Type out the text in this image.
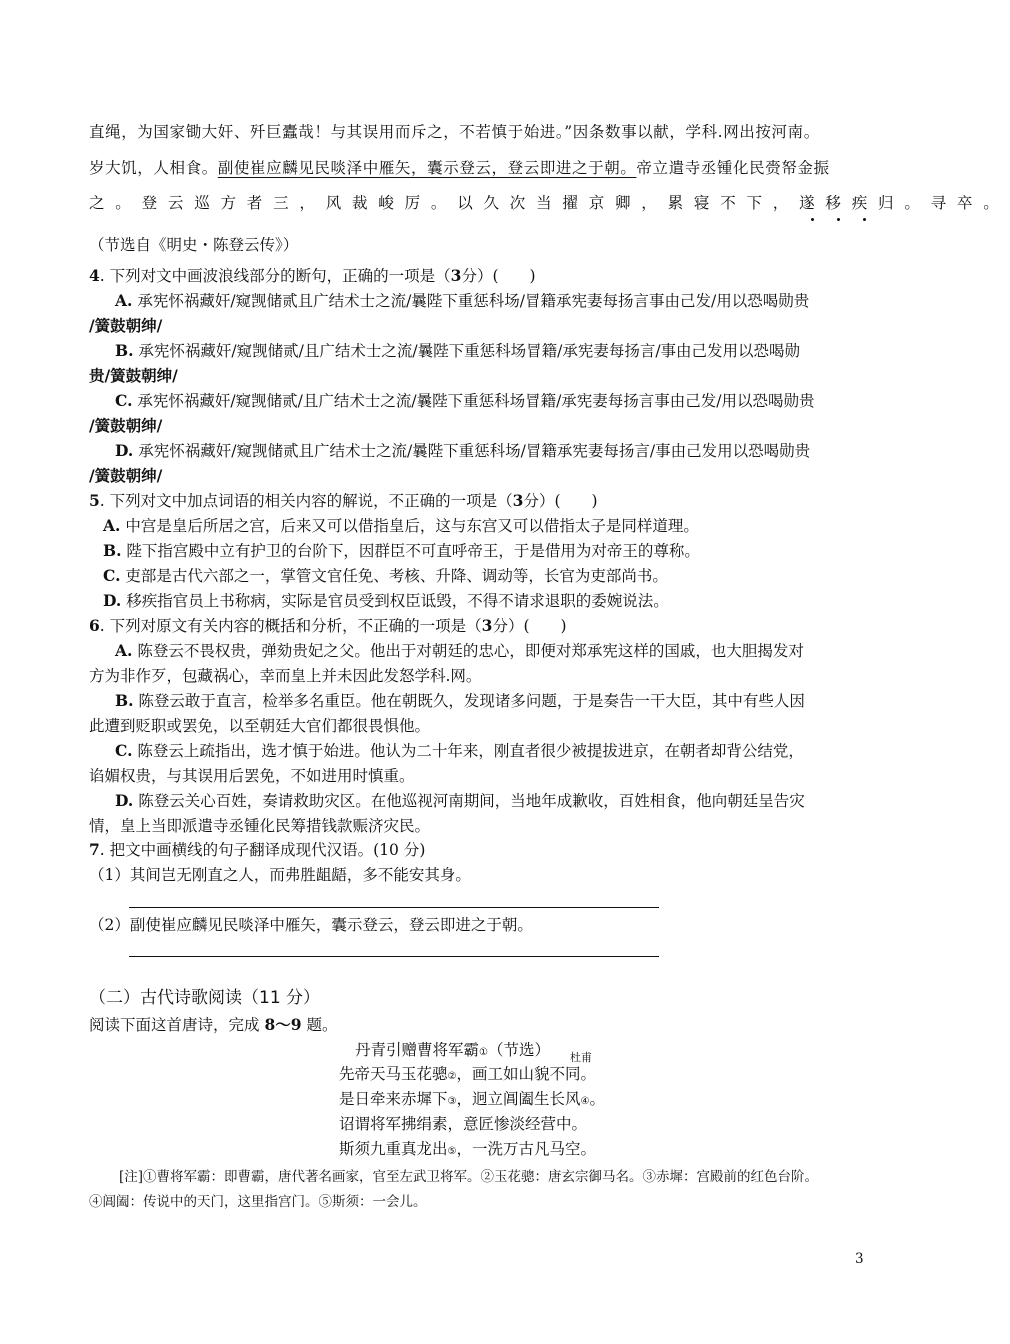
直绳，为国家锄大奸、歼巨蠹哉！与其误用而斥之，不若慎于始进。”因条数事以献，学科.网出按河南。
岁大饥，人相食。副使崔应麟见民啖泽中雁矢，囊示登云，登云即进之于朝。帝立遣寺丞锺化民赍帑金振
之。登云巡方者三，风裁峻厉。以久次当擢京卿，累寝不下，遂移疾归。寻卒。
（节选自《明史・陈登云传》）
4. 下列对文中画波浪线部分的断句，正确的一项是（3分）(　　)
A. 承宪怀祸藏奸/窥觊储贰且广结术士之流/曩陛下重惩科场/冒籍承宪妻每扬言事由己发/用以恐喝勋贵
/簧鼓朝绅/
B. 承宪怀祸藏奸/窥觊储贰/且广结术士之流/曩陛下重惩科场冒籍/承宪妻每扬言/事由己发用以恐喝勋
贵/簧鼓朝绅/
C. 承宪怀祸藏奸/窥觊储贰/且广结术士之流/曩陛下重惩科场冒籍/承宪妻每扬言事由己发/用以恐喝勋贵
/簧鼓朝绅/
D. 承宪怀祸藏奸/窥觊储贰且广结术士之流/曩陛下重惩科场/冒籍承宪妻每扬言/事由己发用以恐喝勋贵
/簧鼓朝绅/
5. 下列对文中加点词语的相关内容的解说，不正确的一项是（3分）(　　)
A. 中宫是皇后所居之宫，后来又可以借指皇后，这与东宫又可以借指太子是同样道理。
B. 陛下指宫殿中立有护卫的台阶下，因群臣不可直呼帝王，于是借用为对帝王的尊称。
C. 吏部是古代六部之一，掌管文官任免、考核、升降、调动等，长官为吏部尚书。
D. 移疾指官员上书称病，实际是官员受到权臣诋毁，不得不请求退职的委婉说法。
6. 下列对原文有关内容的概括和分析，不正确的一项是（3分）(　　)
A. 陈登云不畏权贵，弹劾贵妃之父。他出于对朝廷的忠心，即便对郑承宪这样的国戚，也大胆揭发对
方为非作歹，包藏祸心，幸而皇上并未因此发怒学科.网。
B. 陈登云敢于直言，检举多名重臣。他在朝既久，发现诸多问题，于是奏告一干大臣，其中有些人因
此遭到贬职或罢免，以至朝廷大官们都很畏惧他。
C. 陈登云上疏指出，选才慎于始进。他认为二十年来，刚直者很少被提拔进京，在朝者却背公结党，
谄媚权贵，与其误用后罢免，不如进用时慎重。
D. 陈登云关心百姓，奏请救助灾区。在他巡视河南期间，当地年成歉收，百姓相食，他向朝廷呈告灾
情，皇上当即派遣寺丞锺化民筹措钱款赈济灾民。
7. 把文中画横线的句子翻译成现代汉语。(10 分)
（1）其间岂无刚直之人，而弗胜龃龉，多不能安其身。
（2）副使崔应麟见民啖泽中雁矢，囊示登云，登云即进之于朝。
（二）古代诗歌阅读（11 分）
阅读下面这首唐诗，完成 8～9 题。
丹青引赠曹将军霸①（节选） 杜甫
先帝天马玉花骢②，画工如山貌不同。
是日牵来赤墀下③，迥立阊阖生长风④。
诏谓将军拂绢素，意匠惨淡经营中。
斯须九重真龙出⑤，一洗万古凡马空。
[注]①曹将军霸：即曹霸，唐代著名画家，官至左武卫将军。②玉花骢：唐玄宗御马名。③赤墀：宫殿前的红色台阶。
④阊阖：传说中的天门，这里指宫门。⑤斯须：一会儿。
3
